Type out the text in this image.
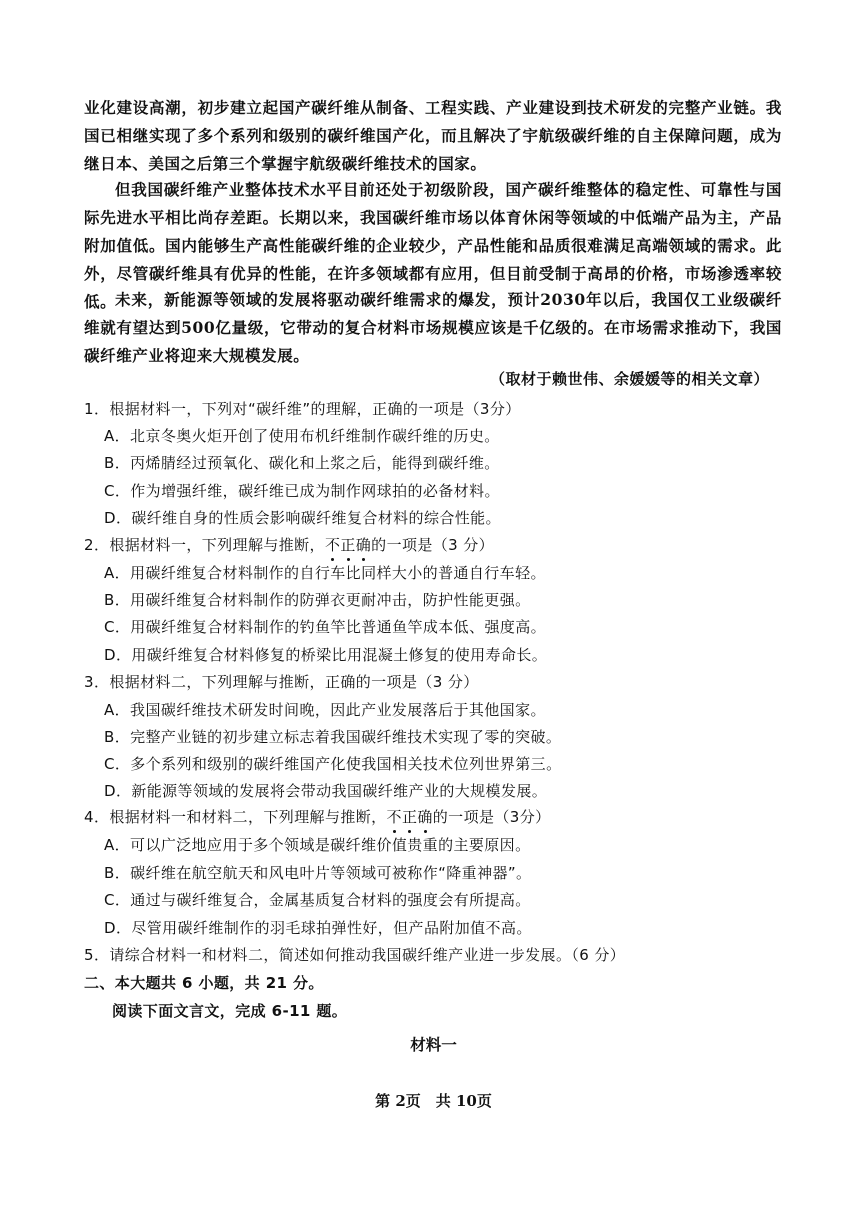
业化建设高潮，初步建立起国产碳纤维从制备、工程实践、产业建设到技术研发的完整产业链。我国已相继实现了多个系列和级别的碳纤维国产化，而且解决了宇航级碳纤维的自主保障问题，成为继日本、美国之后第三个掌握宇航级碳纤维技术的国家。

但我国碳纤维产业整体技术水平目前还处于初级阶段，国产碳纤维整体的稳定性、可靠性与国际先进水平相比尚存差距。长期以来，我国碳纤维市场以体育休闲等领域的中低端产品为主，产品附加值低。国内能够生产高性能碳纤维的企业较少，产品性能和品质很难满足高端领域的需求。此外，尽管碳纤维具有优异的性能，在许多领域都有应用，但目前受制于高昂的价格，市场渗透率较低。

未来，新能源等领域的发展将驱动碳纤维需求的爆发，预计2030年以后，我国仅工业级碳纤维就有望达到500亿量级，它带动的复合材料市场规模应该是千亿级的。在市场需求推动下，我国碳纤维产业将迎来大规模发展。

（取材于赖世伟、余媛媛等的相关文章）
1．根据材料一，下列对“碳纤维”的理解，正确的一项是（3分）
A．北京冬奥火炬开创了使用布机纤维制作碳纤维的历史。
B．丙烯腈经过预氧化、碳化和上浆之后，能得到碳纤维。
C．作为增强纤维，碳纤维已成为制作网球拍的必备材料。
D．碳纤维自身的性质会影响碳纤维复合材料的综合性能。
2．根据材料一，下列理解与推断，不
正
确
的一项是（3 分）
A．用碳纤维复合材料制作的自行车比同样大小的普通自行车轻。
B．用碳纤维复合材料制作的防弹衣更耐冲击，防护性能更强。
C．用碳纤维复合材料制作的钓鱼竿比普通鱼竿成本低、强度高。
D．用碳纤维复合材料修复的桥梁比用混凝土修复的使用寿命长。
3．根据材料二，下列理解与推断，正确的一项是（3 分）
A．我国碳纤维技术研发时间晚，因此产业发展落后于其他国家。
B．完整产业链的初步建立标志着我国碳纤维技术实现了零的突破。
C．多个系列和级别的碳纤维国产化使我国相关技术位列世界第三。
D．新能源等领域的发展将会带动我国碳纤维产业的大规模发展。
4．根据材料一和材料二，下列理解与推断，不
正
确
的一项是（3分）
A．可以广泛地应用于多个领域是碳纤维价值贵重的主要原因。
B．碳纤维在航空航天和风电叶片等领域可被称作“降重神器”。
C．通过与碳纤维复合，金属基质复合材料的强度会有所提高。
D．尽管用碳纤维制作的羽毛球拍弹性好，但产品附加值不高。
5．请综合材料一和材料二，简述如何推动我国碳纤维产业进一步发展。（6 分）
二、本大题共 6 小题，共 21 分。
阅读下面文言文，完成 6-11 题。
材料一
第 2页　共 10页
